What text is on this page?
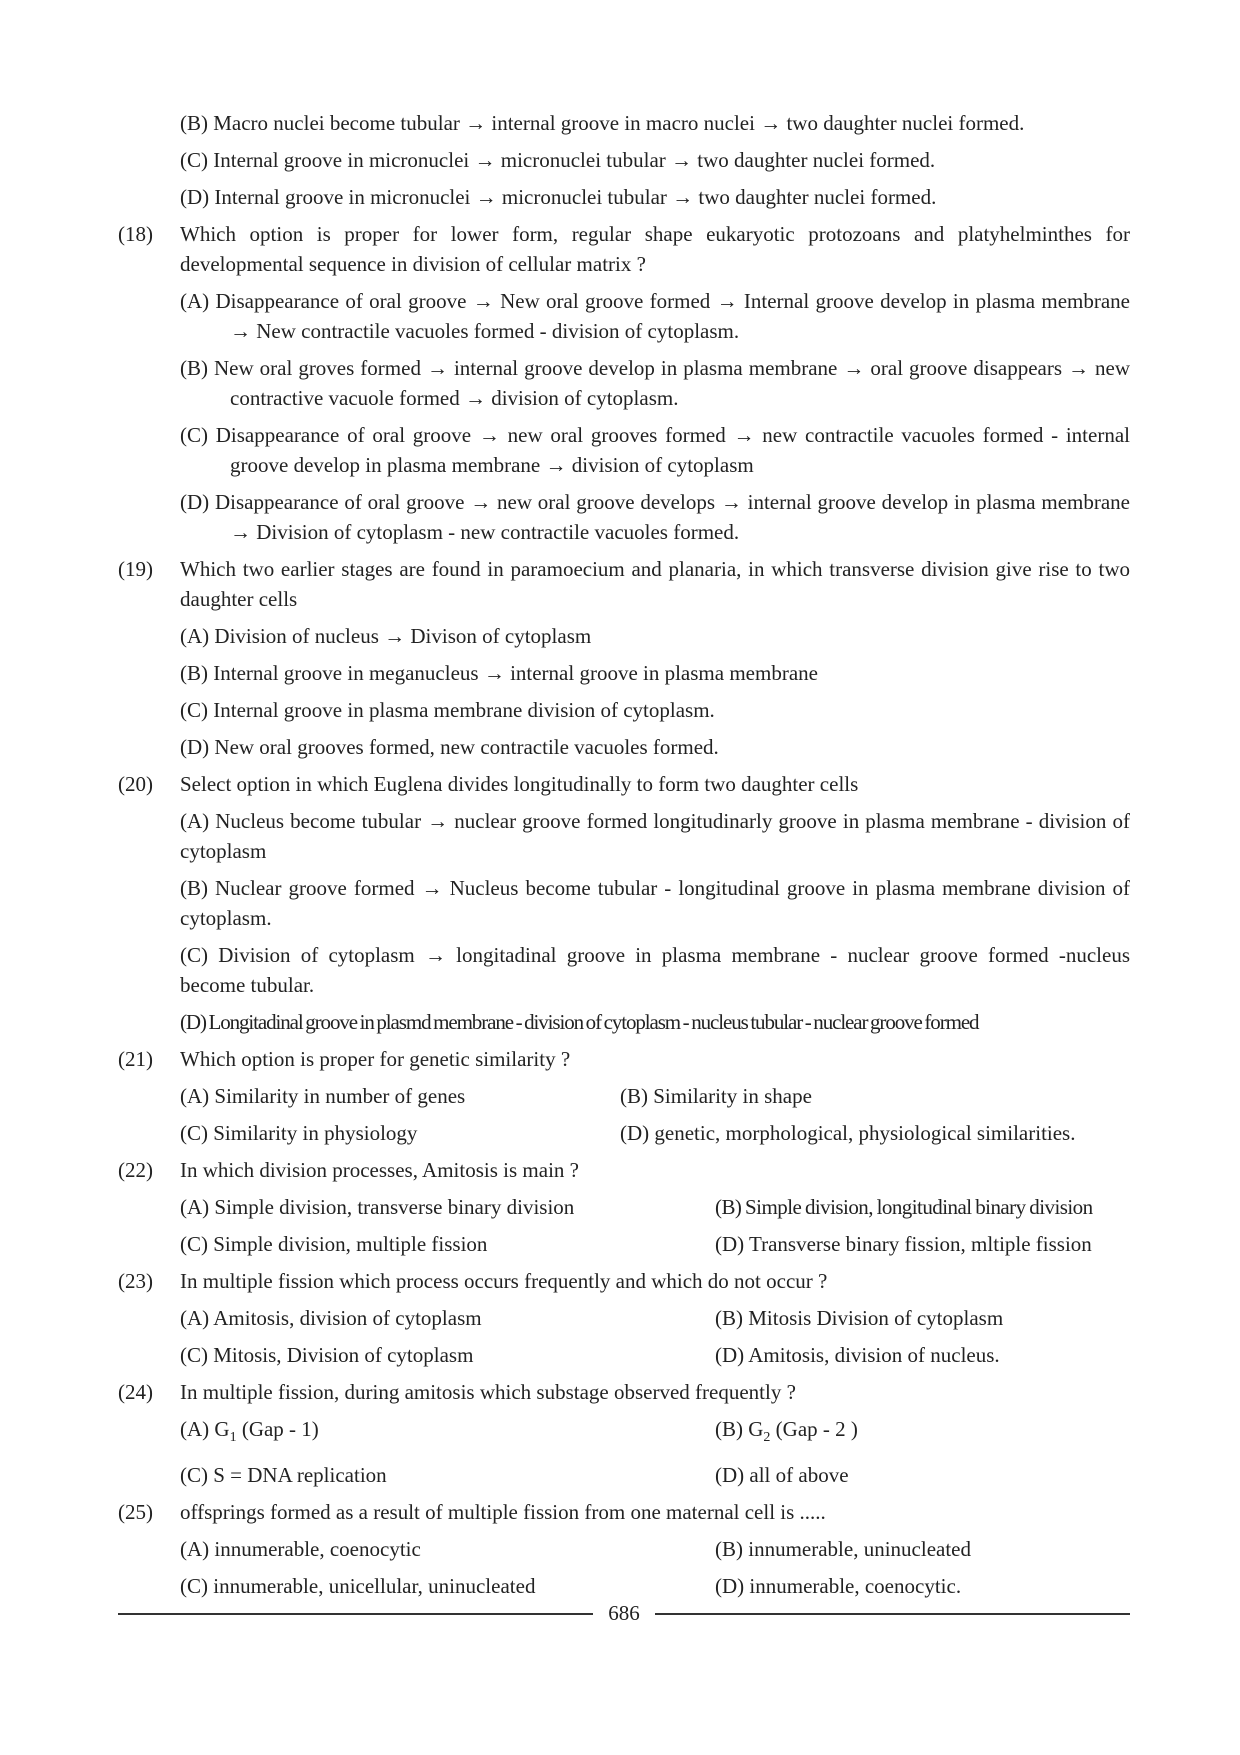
(B) Macro nuclei become tubular → internal groove in macro nuclei → two daughter nuclei formed.
(C) Internal groove in micronuclei → micronuclei tubular → two daughter nuclei formed.
(D) Internal groove in micronuclei → micronuclei tubular → two daughter nuclei formed.
(18) Which option is proper for lower form, regular shape eukaryotic protozoans and platyhelminthes for developmental sequence in division of cellular matrix ?
(A) Disappearance of oral groove → New oral groove formed → Internal groove develop in plasma membrane → New contractile vacuoles formed - division of cytoplasm.
(B) New oral groves formed → internal groove develop in plasma membrane → oral groove disappears → new contractive vacuole formed → division of cytoplasm.
(C) Disappearance of oral groove → new oral grooves formed → new contractile vacuoles formed - internal groove develop in plasma membrane → division of cytoplasm
(D) Disappearance of oral groove → new oral groove develops → internal groove develop in plasma membrane → Division of cytoplasm - new contractile vacuoles formed.
(19) Which two earlier stages are found in paramoecium and planaria, in which transverse division give rise to two daughter cells
(A) Division of nucleus → Divison of cytoplasm
(B) Internal groove in meganucleus → internal groove in plasma membrane
(C) Internal groove in plasma membrane division of cytoplasm.
(D) New oral grooves formed, new contractile vacuoles formed.
(20) Select option in which Euglena divides longitudinally to form two daughter cells
(A) Nucleus become tubular → nuclear groove formed longitudinarly groove in plasma membrane - division of cytoplasm
(B) Nuclear groove formed → Nucleus become tubular - longitudinal groove in plasma membrane division of cytoplasm.
(C) Division of cytoplasm → longitadinal groove in plasma membrane - nuclear groove formed -nucleus become tubular.
(D) Longitadinal groove in plasmd membrane - division of cytoplasm - nucleus tubular - nuclear groove formed
(21) Which option is proper for genetic similarity ?
(A) Similarity in number of genes	(B) Similarity in shape
(C) Similarity in physiology	(D) genetic, morphological, physiological similarities.
(22) In which division processes, Amitosis is main ?
(A) Simple division, transverse binary division	(B) Simple division, longitudinal binary division
(C) Simple division, multiple fission	(D) Transverse binary fission, mltiple fission
(23) In multiple fission which process occurs frequently and which do not occur ?
(A) Amitosis, division of cytoplasm	(B) Mitosis Division of cytoplasm
(C) Mitosis, Division of cytoplasm	(D) Amitosis, division of nucleus.
(24) In multiple fission, during amitosis which substage observed frequently ?
(A) $G_1$ (Gap - 1)	(B) $G_2$ (Gap - 2 )
(C) S = DNA replication	(D) all of above
(25) offsprings formed as a result of multiple fission from one maternal cell is .....
(A) innumerable, coenocytic	(B) innumerable, uninucleated
(C) innumerable, unicellular, uninucleated	(D) innumerable, coenocytic.
686
